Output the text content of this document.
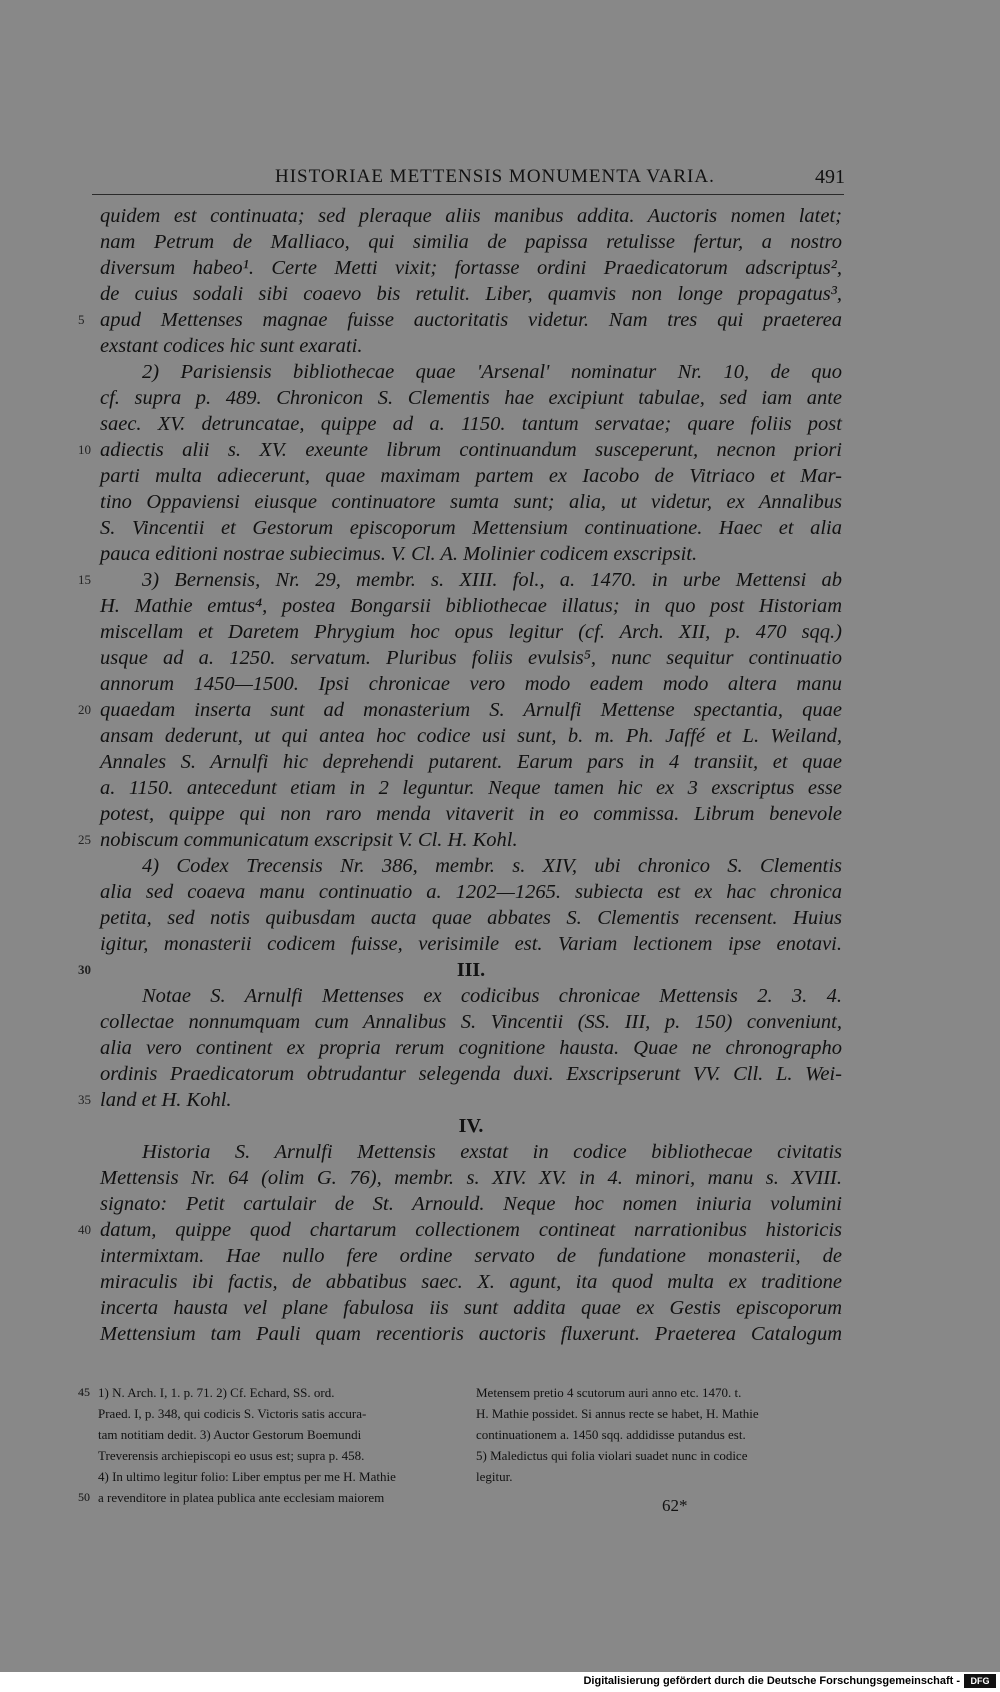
HISTORIAE METTENSIS MONUMENTA VARIA.	491
quidem est continuata; sed pleraque aliis manibus addita. Auctoris nomen latet;
nam Petrum de Malliaco, qui similia de papissa retulisse fertur, a nostro
diversum habeo¹. Certe Metti vixit; fortasse ordini Praedicatorum adscriptus²,
de cuius sodali sibi coaevo bis retulit. Liber, quamvis non longe propagatus³,
apud Mettenses magnae fuisse auctoritatis videtur. Nam tres qui praeterea
5
exstant codices hic sunt exarati.
2) Parisiensis bibliothecae quae 'Arsenal' nominatur Nr. 10, de quo
cf. supra p. 489. Chronicon S. Clementis hae excipiunt tabulae, sed iam ante
saec. XV. detruncatae, quippe ad a. 1150. tantum servatae; quare foliis post
adiectis alii s. XV. exeunte librum continuandum susceperunt, necnon priori
10
parti multa adiecerunt, quae maximam partem ex Iacobo de Vitriaco et Mar-
tino Oppaviensi eiusque continuatore sumta sunt; alia, ut videtur, ex Annalibus
S. Vincentii et Gestorum episcoporum Mettensium continuatione. Haec et alia
pauca editioni nostrae subiecimus. V. Cl. A. Molinier codicem exscripsit.
3) Bernensis, Nr. 29, membr. s. XIII. fol., a. 1470. in urbe Mettensi ab
15
H. Mathie emtus⁴, postea Bongarsii bibliothecae illatus; in quo post Historiam
miscellam et Daretem Phrygium hoc opus legitur (cf. Arch. XII, p. 470 sqq.)
usque ad a. 1250. servatum. Pluribus foliis evulsis⁵, nunc sequitur continuatio
annorum 1450—1500. Ipsi chronicae vero modo eadem modo altera manu
quaedam inserta sunt ad monasterium S. Arnulfi Mettense spectantia, quae
20
ansam dederunt, ut qui antea hoc codice usi sunt, b. m. Ph. Jaffé et L. Weiland,
Annales S. Arnulfi hic deprehendi putarent. Earum pars in 4 transiit, et quae
a. 1150. antecedunt etiam in 2 leguntur. Neque tamen hic ex 3 exscriptus esse
potest, quippe qui non raro menda vitaverit in eo commissa. Librum benevole
nobiscum communicatum exscripsit V. Cl. H. Kohl.
25
4) Codex Trecensis Nr. 386, membr. s. XIV, ubi chronico S. Clementis
alia sed coaeva manu continuatio a. 1202—1265. subiecta est ex hac chronica
petita, sed notis quibusdam aucta quae abbates S. Clementis recensent. Huius
igitur, monasterii codicem fuisse, verisimile est. Variam lectionem ipse enotavi.
III.
30
Notae S. Arnulfi Mettenses ex codicibus chronicae Mettensis 2. 3. 4.
collectae nonnumquam cum Annalibus S. Vincentii (SS. III, p. 150) conveniunt,
alia vero continent ex propria rerum cognitione hausta. Quae ne chronographo
ordinis Praedicatorum obtrudantur selegenda duxi. Exscripserunt VV. Cll. L. Wei-
land et H. Kohl.
35
IV.
Historia S. Arnulfi Mettensis exstat in codice bibliothecae civitatis
Mettensis Nr. 64 (olim G. 76), membr. s. XIV. XV. in 4. minori, manu s. XVIII.
signato: Petit cartulair de St. Arnould. Neque hoc nomen iniuria volumini
datum, quippe quod chartarum collectionem contineat narrationibus historicis
40
intermixtam. Hae nullo fere ordine servato de fundatione monasterii, de
miraculis ibi factis, de abbatibus saec. X. agunt, ita quod multa ex traditione
incerta hausta vel plane fabulosa iis sunt addita quae ex Gestis episcoporum
Mettensium tam Pauli quam recentioris auctoris fluxerunt. Praeterea Catalogum
45 1) N. Arch. I, 1. p. 71. 2) Cf. Echard, SS. ord.	Metensem pretio 4 scutorum auri anno etc. 1470. t.
Praed. I, p. 348, qui codicis S. Victoris satis accura-	H. Mathie possidet. Si annus recte se habet, H. Mathie
tam notitiam dedit. 3) Auctor Gestorum Boemundi	continuationem a. 1450 sqq. addidisse putandus est.
Treverensis archiepiscopi eo usus est; supra p. 458.	5) Maledictus qui folia violari suadet nunc in codice
4) In ultimo legitur folio: Liber emptus per me H. Mathie	legitur.
50 a revenditore in platea publica ante ecclesiam maiorem	62*
Digitalisierung gefördert durch die Deutsche Forschungsgemeinschaft -	DFG
